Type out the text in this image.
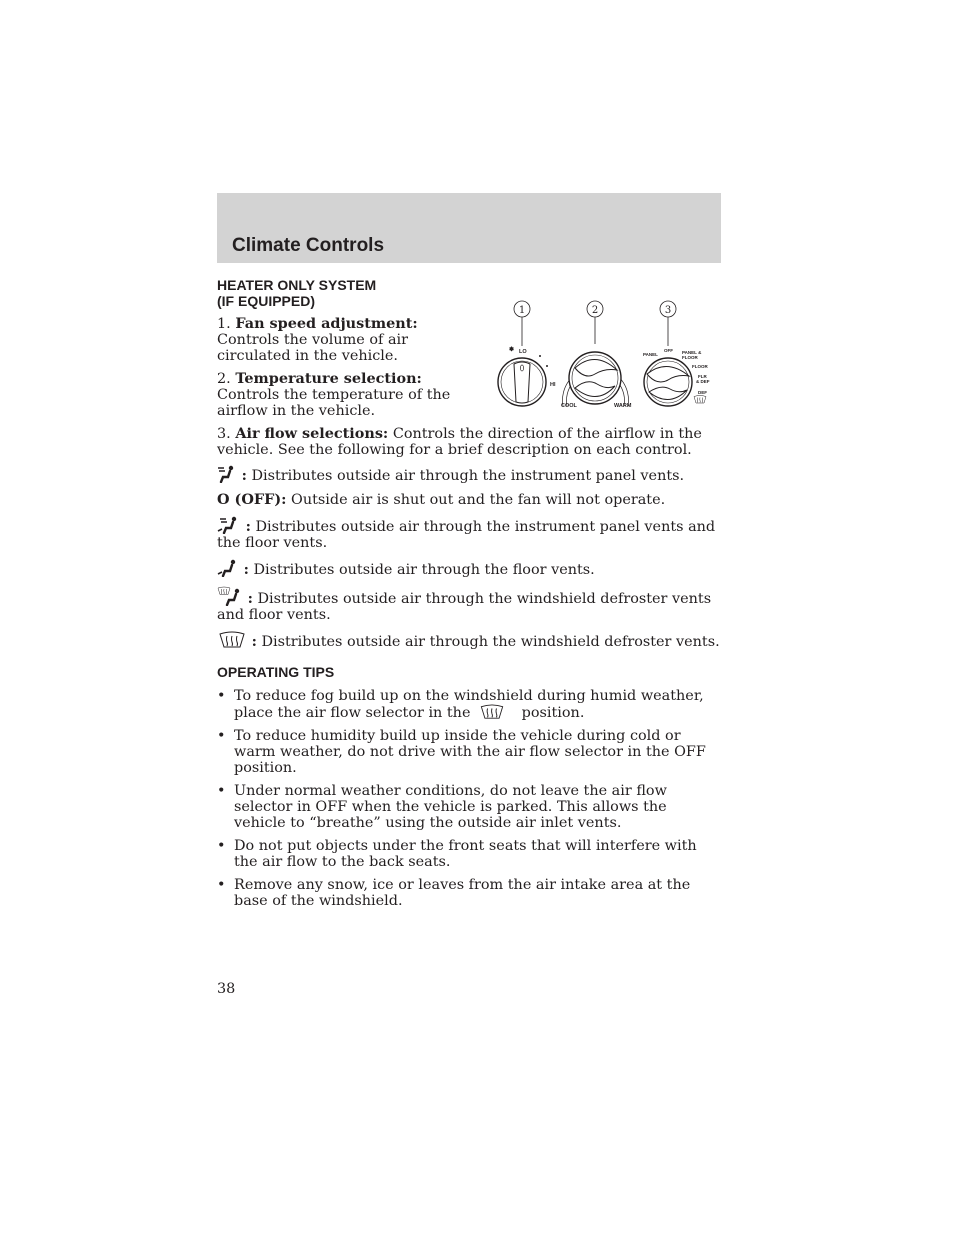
Climate Controls
1	2	3
✽ LO
HI
COOL	WARM
PANEL
OFF PANEL &
FLOOR
FLOOR
FLR
& DEF
DEF
HEATER ONLY SYSTEM
(IF EQUIPPED)

1. Fan speed adjustment: Controls the volume of air circulated in the vehicle.

2. Temperature selection:
Controls the temperature of the airflow in the vehicle.

3. Air flow selections: Controls the direction of the airflow in the vehicle. See the following for a brief description on each control.

: Distributes outside air through the instrument panel vents.

O (OFF): Outside air is shut out and the fan will not operate.

: Distributes outside air through the instrument panel vents and the floor vents.

: Distributes outside air through the floor vents.

: Distributes outside air through the windshield defroster vents and floor vents.

: Distributes outside air through the windshield defroster vents.

OPERATING TIPS
• To reduce fog build up on the windshield during humid weather, place the air flow selector in the	position.
• To reduce humidity build up inside the vehicle during cold or warm weather, do not drive with the air flow selector in the OFF position.
• Under normal weather conditions, do not leave the air flow selector in OFF when the vehicle is parked. This allows the vehicle to “breathe” using the outside air inlet vents.
• Do not put objects under the front seats that will interfere with the air flow to the back seats.
• Remove any snow, ice or leaves from the air intake area at the base of the windshield.
38
